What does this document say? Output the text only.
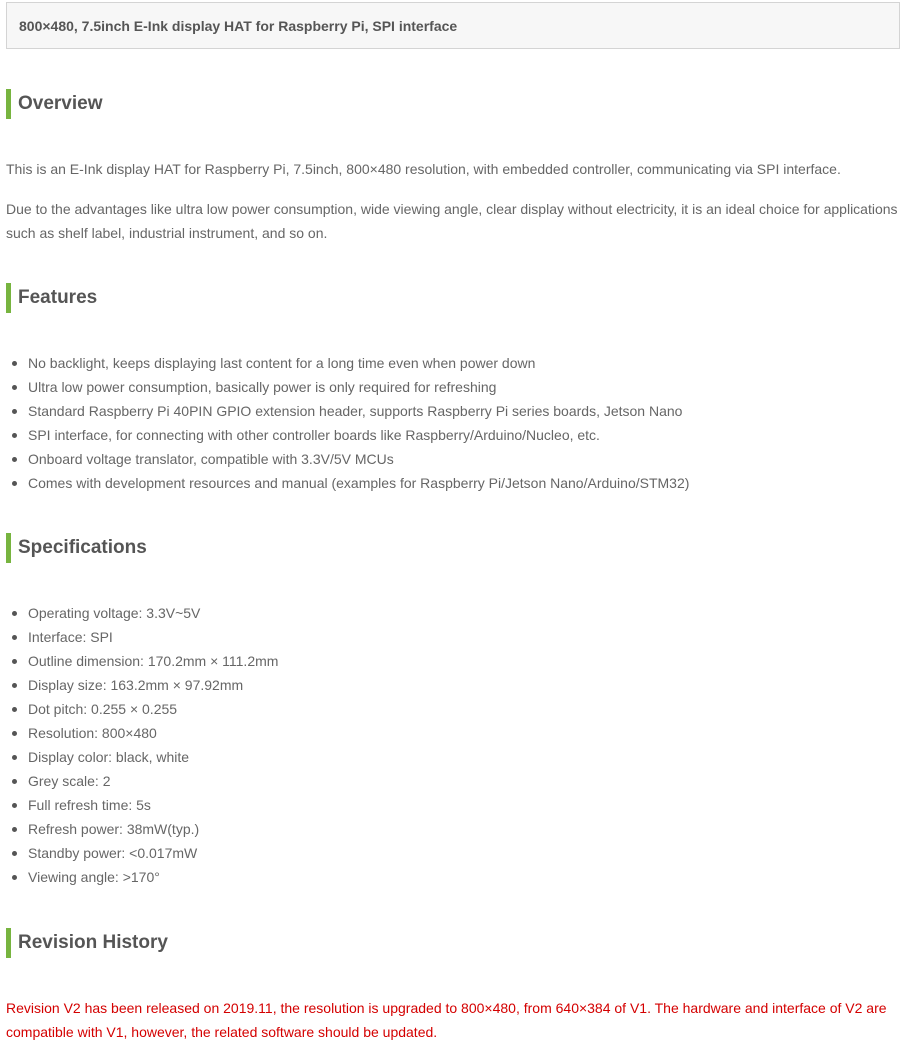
800×480, 7.5inch E-Ink display HAT for Raspberry Pi, SPI interface
Overview

This is an E-Ink display HAT for Raspberry Pi, 7.5inch, 800×480 resolution, with embedded controller, communicating via SPI interface.

Due to the advantages like ultra low power consumption, wide viewing angle, clear display without electricity, it is an ideal choice for applications such as shelf label, industrial instrument, and so on.

Features
No backlight, keeps displaying last content for a long time even when power down
Ultra low power consumption, basically power is only required for refreshing
Standard Raspberry Pi 40PIN GPIO extension header, supports Raspberry Pi series boards, Jetson Nano
SPI interface, for connecting with other controller boards like Raspberry/Arduino/Nucleo, etc.
Onboard voltage translator, compatible with 3.3V/5V MCUs
Comes with development resources and manual (examples for Raspberry Pi/Jetson Nano/Arduino/STM32)
Specifications
Operating voltage: 3.3V~5V
Interface: SPI
Outline dimension: 170.2mm × 111.2mm
Display size: 163.2mm × 97.92mm
Dot pitch: 0.255 × 0.255
Resolution: 800×480
Display color: black, white
Grey scale: 2
Full refresh time: 5s
Refresh power: 38mW(typ.)
Standby power: <0.017mW
Viewing angle: >170°
Revision History

Revision V2 has been released on 2019.11, the resolution is upgraded to 800×480, from 640×384 of V1. The hardware and interface of V2 are compatible with V1, however, the related software should be updated.
